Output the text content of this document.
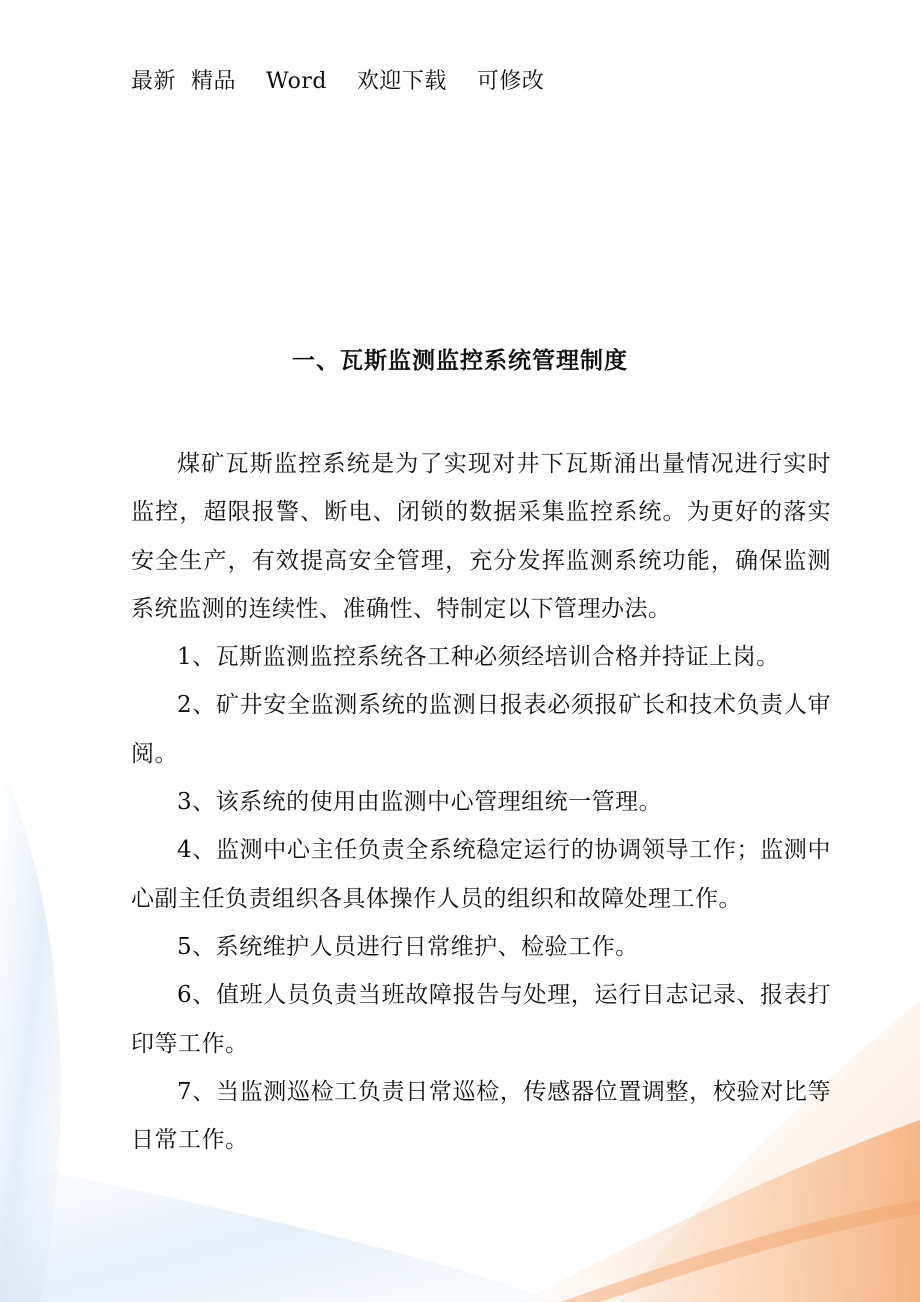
最新  精品    Word    欢迎下载    可修改
一、瓦斯监测监控系统管理制度

煤矿瓦斯监控系统是为了实现对井下瓦斯涌出量情况进行实时监控，超限报警、断电、闭锁的数据采集监控系统。为更好的落实安全生产，有效提高安全管理，充分发挥监测系统功能，确保监测系统监测的连续性、准确性、特制定以下管理办法。

1、瓦斯监测监控系统各工种必须经培训合格并持证上岗。

2、矿井安全监测系统的监测日报表必须报矿长和技术负责人审阅。

3、该系统的使用由监测中心管理组统一管理。

4、监测中心主任负责全系统稳定运行的协调领导工作；监测中心副主任负责组织各具体操作人员的组织和故障处理工作。

5、系统维护人员进行日常维护、检验工作。

6、值班人员负责当班故障报告与处理，运行日志记录、报表打印等工作。

7、当监测巡检工负责日常巡检，传感器位置调整，校验对比等日常工作。
